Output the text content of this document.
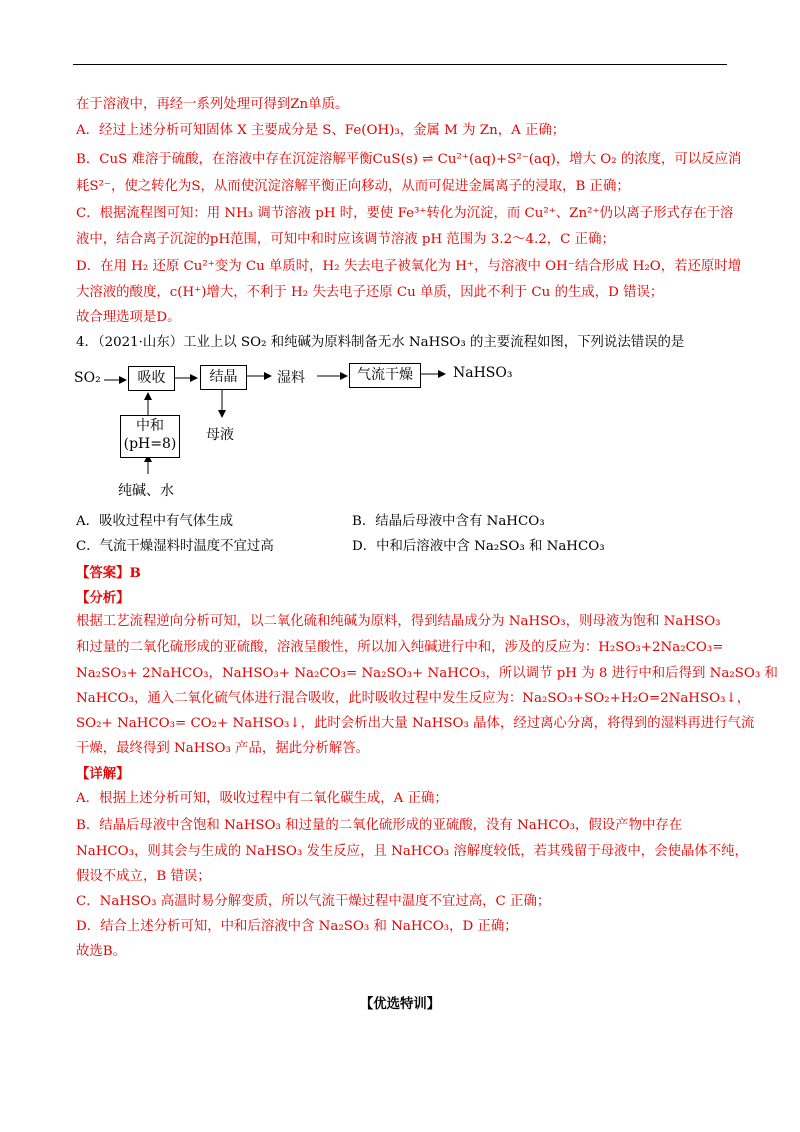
在于溶液中，再经一系列处理可得到Zn单质。
A．经过上述分析可知固体 X 主要成分是 S、Fe(OH)₃，金属 M 为 Zn，A 正确；
B．CuS 难溶于硫酸，在溶液中存在沉淀溶解平衡CuS(s) ⇌ Cu²⁺(aq)+S²⁻(aq)，增大 O₂ 的浓度，可以反应消
耗S²⁻，使之转化为S，从而使沉淀溶解平衡正向移动，从而可促进金属离子的浸取，B 正确；
C．根据流程图可知：用 NH₃ 调节溶液 pH 时，要使 Fe³⁺转化为沉淀，而 Cu²⁺、Zn²⁺仍以离子形式存在于溶
液中，结合离子沉淀的pH范围，可知中和时应该调节溶液 pH 范围为 3.2～4.2，C 正确；
D．在用 H₂ 还原 Cu²⁺变为 Cu 单质时，H₂ 失去电子被氧化为 H⁺，与溶液中 OH⁻结合形成 H₂O，若还原时增
大溶液的酸度，c(H⁺)增大，不利于 H₂ 失去电子还原 Cu 单质，因此不利于 Cu 的生成，D 错误；
故合理选项是D。
4．（2021·山东）工业上以 SO₂ 和纯碱为原料制备无水 NaHSO₃ 的主要流程如图，下列说法错误的是
SO₂	吸收	结晶	湿料	气流干燥	NaHSO₃
中和
(pH=8)
母液
纯碱、水
A．吸收过程中有气体生成	B．结晶后母液中含有 NaHCO₃
C．气流干燥湿料时温度不宜过高	D．中和后溶液中含 Na₂SO₃ 和 NaHCO₃
【答案】B
【分析】
根据工艺流程逆向分析可知，以二氧化硫和纯碱为原料，得到结晶成分为 NaHSO₃，则母液为饱和 NaHSO₃
和过量的二氧化硫形成的亚硫酸，溶液呈酸性，所以加入纯碱进行中和，涉及的反应为：H₂SO₃+2Na₂CO₃=
Na₂SO₃+ 2NaHCO₃，NaHSO₃+ Na₂CO₃= Na₂SO₃+ NaHCO₃，所以调节 pH 为 8 进行中和后得到 Na₂SO₃ 和
NaHCO₃，通入二氧化硫气体进行混合吸收，此时吸收过程中发生反应为：Na₂SO₃+SO₂+H₂O=2NaHSO₃↓，
SO₂+ NaHCO₃= CO₂+ NaHSO₃↓，此时会析出大量 NaHSO₃ 晶体，经过离心分离，将得到的湿料再进行气流
干燥，最终得到 NaHSO₃ 产品，据此分析解答。
【详解】
A．根据上述分析可知，吸收过程中有二氧化碳生成，A 正确；
B．结晶后母液中含饱和 NaHSO₃ 和过量的二氧化硫形成的亚硫酸，没有 NaHCO₃，假设产物中存在
NaHCO₃，则其会与生成的 NaHSO₃ 发生反应，且 NaHCO₃ 溶解度较低，若其残留于母液中，会使晶体不纯，
假设不成立，B 错误；
C．NaHSO₃ 高温时易分解变质，所以气流干燥过程中温度不宜过高，C 正确；
D．结合上述分析可知，中和后溶液中含 Na₂SO₃ 和 NaHCO₃，D 正确；
故选B。
【优选特训】
